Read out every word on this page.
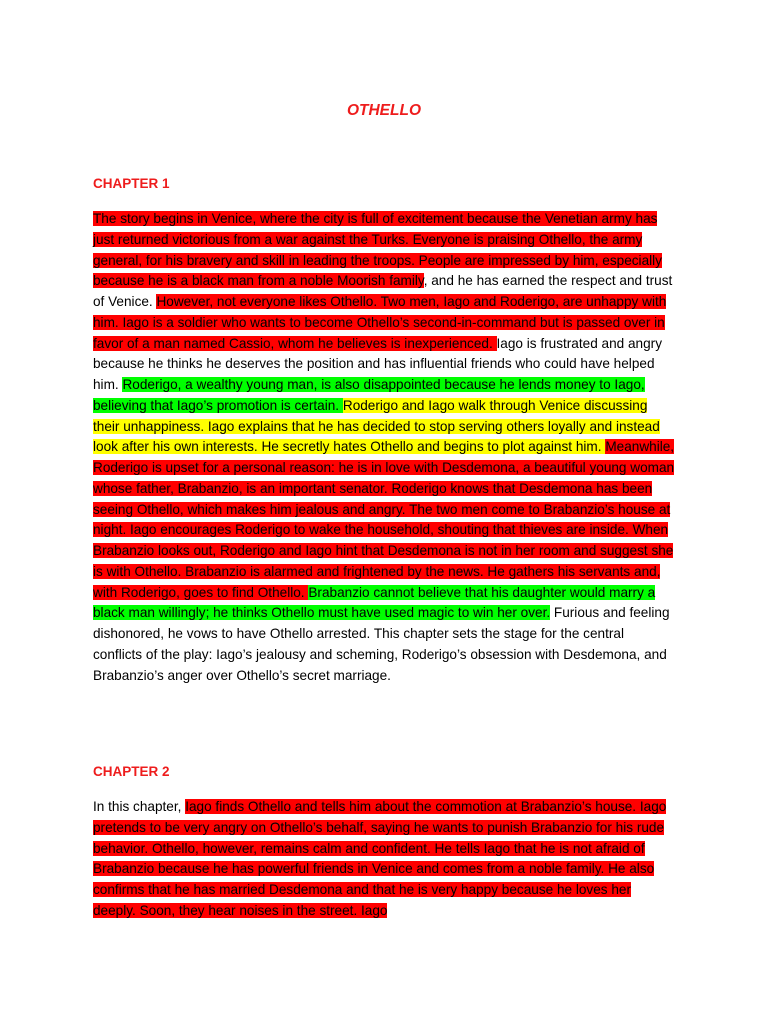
OTHELLO
CHAPTER 1

The story begins in Venice, where the city is full of excitement because the Venetian army has just returned victorious from a war against the Turks. Everyone is praising Othello, the army general, for his bravery and skill in leading the troops. People are impressed by him, especially because he is a black man from a noble Moorish family, and he has earned the respect and trust of Venice. However, not everyone likes Othello. Two men, Iago and Roderigo, are unhappy with him. Iago is a soldier who wants to become Othello’s second-in-command but is passed over in favor of a man named Cassio, whom he believes is inexperienced. Iago is frustrated and angry because he thinks he deserves the position and has influential friends who could have helped him. Roderigo, a wealthy young man, is also disappointed because he lends money to Iago, believing that Iago’s promotion is certain. Roderigo and Iago walk through Venice discussing their unhappiness. Iago explains that he has decided to stop serving others loyally and instead look after his own interests. He secretly hates Othello and begins to plot against him. Meanwhile, Roderigo is upset for a personal reason: he is in love with Desdemona, a beautiful young woman whose father, Brabanzio, is an important senator. Roderigo knows that Desdemona has been seeing Othello, which makes him jealous and angry. The two men come to Brabanzio’s house at night. Iago encourages Roderigo to wake the household, shouting that thieves are inside. When Brabanzio looks out, Roderigo and Iago hint that Desdemona is not in her room and suggest she is with Othello. Brabanzio is alarmed and frightened by the news. He gathers his servants and, with Roderigo, goes to find Othello. Brabanzio cannot believe that his daughter would marry a black man willingly; he thinks Othello must have used magic to win her over. Furious and feeling dishonored, he vows to have Othello arrested. This chapter sets the stage for the central conflicts of the play: Iago’s jealousy and scheming, Roderigo’s obsession with Desdemona, and Brabanzio’s anger over Othello’s secret marriage.

CHAPTER 2

In this chapter, Iago finds Othello and tells him about the commotion at Brabanzio’s house. Iago pretends to be very angry on Othello’s behalf, saying he wants to punish Brabanzio for his rude behavior. Othello, however, remains calm and confident. He tells Iago that he is not afraid of Brabanzio because he has powerful friends in Venice and comes from a noble family. He also confirms that he has married Desdemona and that he is very happy because he loves her deeply. Soon, they hear noises in the street. Iago
